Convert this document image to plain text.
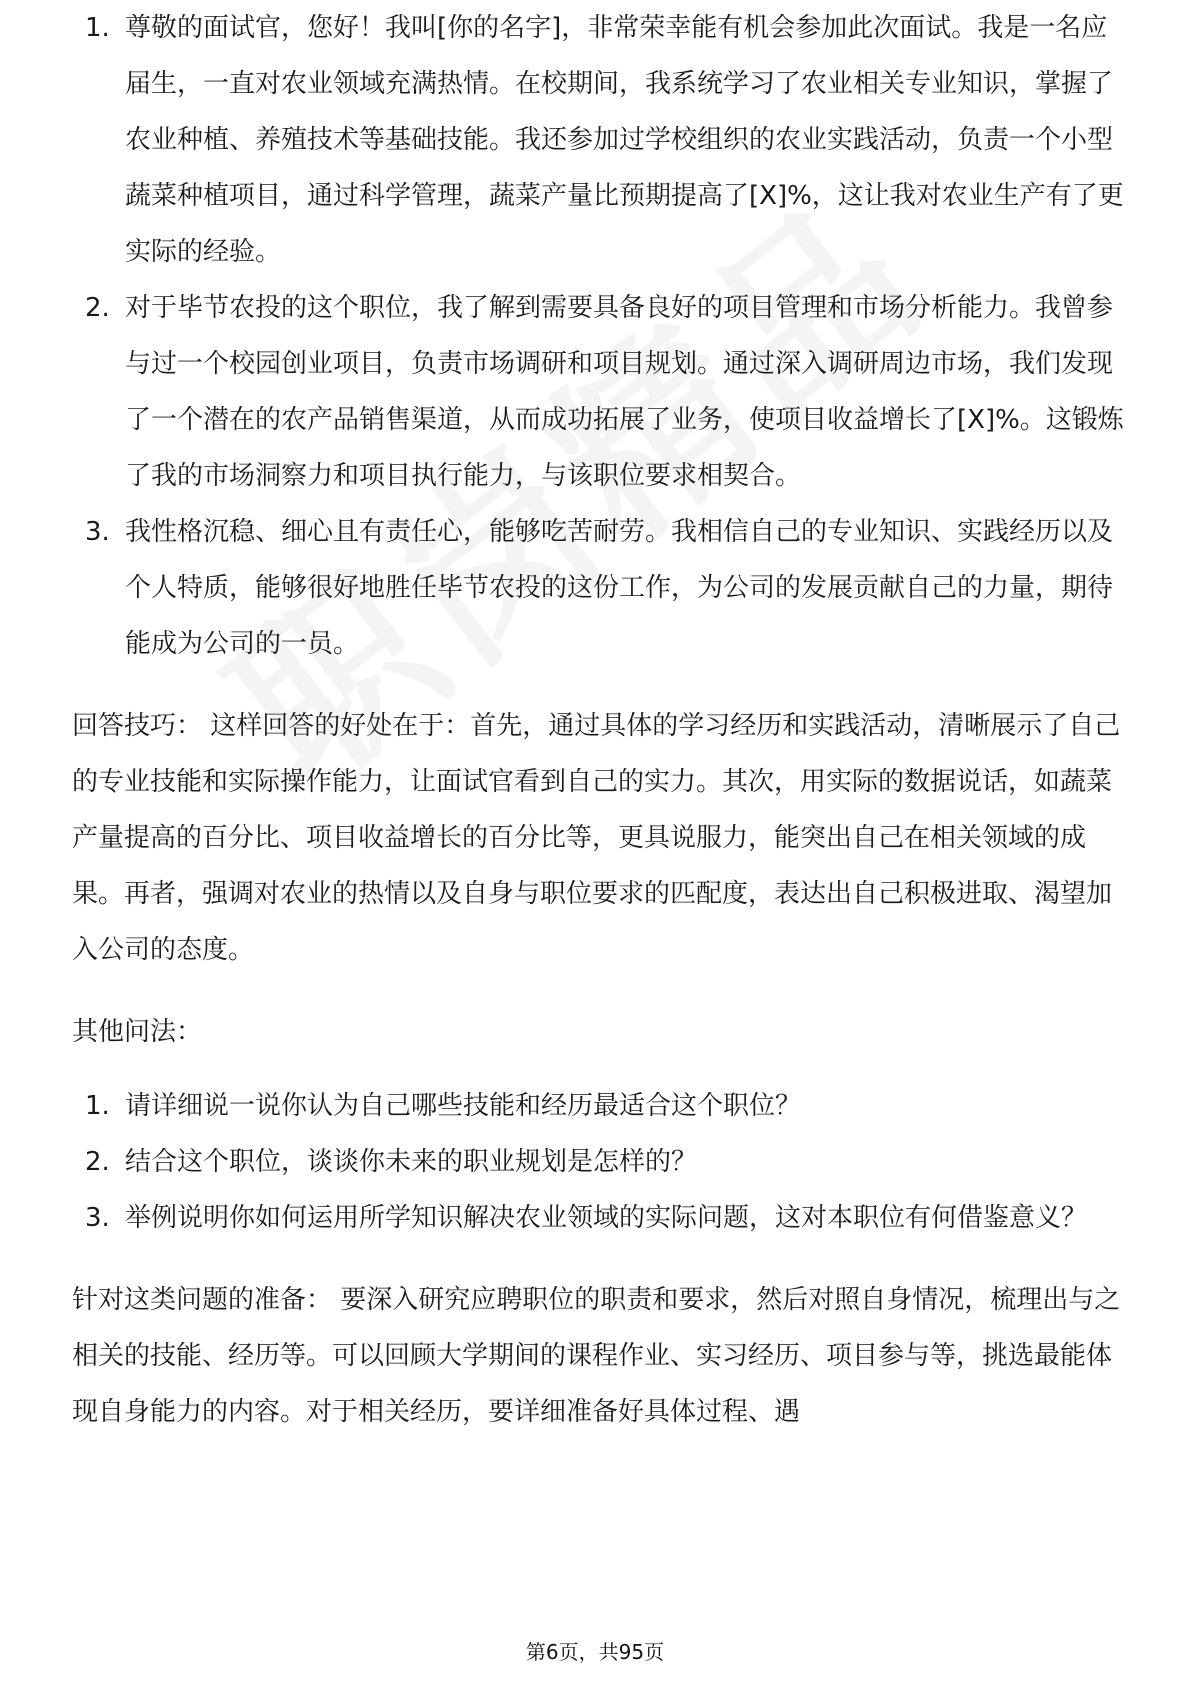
1. 尊敬的面试官，您好！我叫[你的名字]，非常荣幸能有机会参加此次面试。我是一名应届生，一直对农业领域充满热情。在校期间，我系统学习了农业相关专业知识，掌握了农业种植、养殖技术等基础技能。我还参加过学校组织的农业实践活动，负责一个小型蔬菜种植项目，通过科学管理，蔬菜产量比预期提高了[X]%，这让我对农业生产有了更实际的经验。
2. 对于毕节农投的这个职位，我了解到需要具备良好的项目管理和市场分析能力。我曾参与过一个校园创业项目，负责市场调研和项目规划。通过深入调研周边市场，我们发现了一个潜在的农产品销售渠道，从而成功拓展了业务，使项目收益增长了[X]%。这锻炼了我的市场洞察力和项目执行能力，与该职位要求相契合。
3. 我性格沉稳、细心且有责任心，能够吃苦耐劳。我相信自己的专业知识、实践经历以及个人特质，能够很好地胜任毕节农投的这份工作，为公司的发展贡献自己的力量，期待能成为公司的一员。

回答技巧： 这样回答的好处在于：首先，通过具体的学习经历和实践活动，清晰展示了自己的专业技能和实际操作能力，让面试官看到自己的实力。其次，用实际的数据说话，如蔬菜产量提高的百分比、项目收益增长的百分比等，更具说服力，能突出自己在相关领域的成果。再者，强调对农业的热情以及自身与职位要求的匹配度，表达出自己积极进取、渴望加入公司的态度。

其他问法：

1. 请详细说一说你认为自己哪些技能和经历最适合这个职位？
2. 结合这个职位，谈谈你未来的职业规划是怎样的？
3. 举例说明你如何运用所学知识解决农业领域的实际问题，这对本职位有何借鉴意义？

针对这类问题的准备： 要深入研究应聘职位的职责和要求，然后对照自身情况，梳理出与之相关的技能、经历等。可以回顾大学期间的课程作业、实习经历、项目参与等，挑选最能体现自身能力的内容。对于相关经历，要详细准备好具体过程、遇

第6页，共95页
